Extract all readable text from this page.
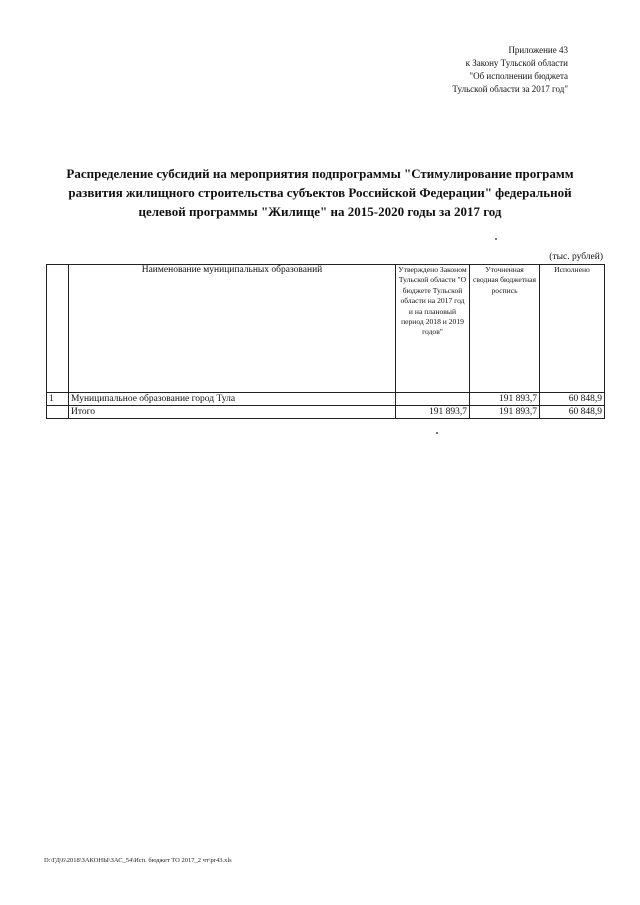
Приложение 43
к Закону Тульской области
"Об исполнении бюджета
Тульской области за 2017 год"
Распределение субсидий на мероприятия подпрограммы "Стимулирование программ
развития жилищного строительства субъектов Российской Федерации" федеральной
целевой программы "Жилище" на 2015-2020 годы за 2017 год
(тыс. рублей)
	Наименование муниципальных образований	Утверждено Законом Тульской области "О бюджете Тульской области на 2017 год и на плановый период 2018 и 2019 годов"	Уточненная сводная бюджетная роспись	Исполнено
1	Муниципальное образование город Тула		191 893,7	60 848,9
	Итого	191 893,7	191 893,7	60 848,9
D:\ГД\6\2018\ЗАКОНЫ\ЗАС_54\Исп. бюджет ТО 2017_2 чт\pr43.xls
